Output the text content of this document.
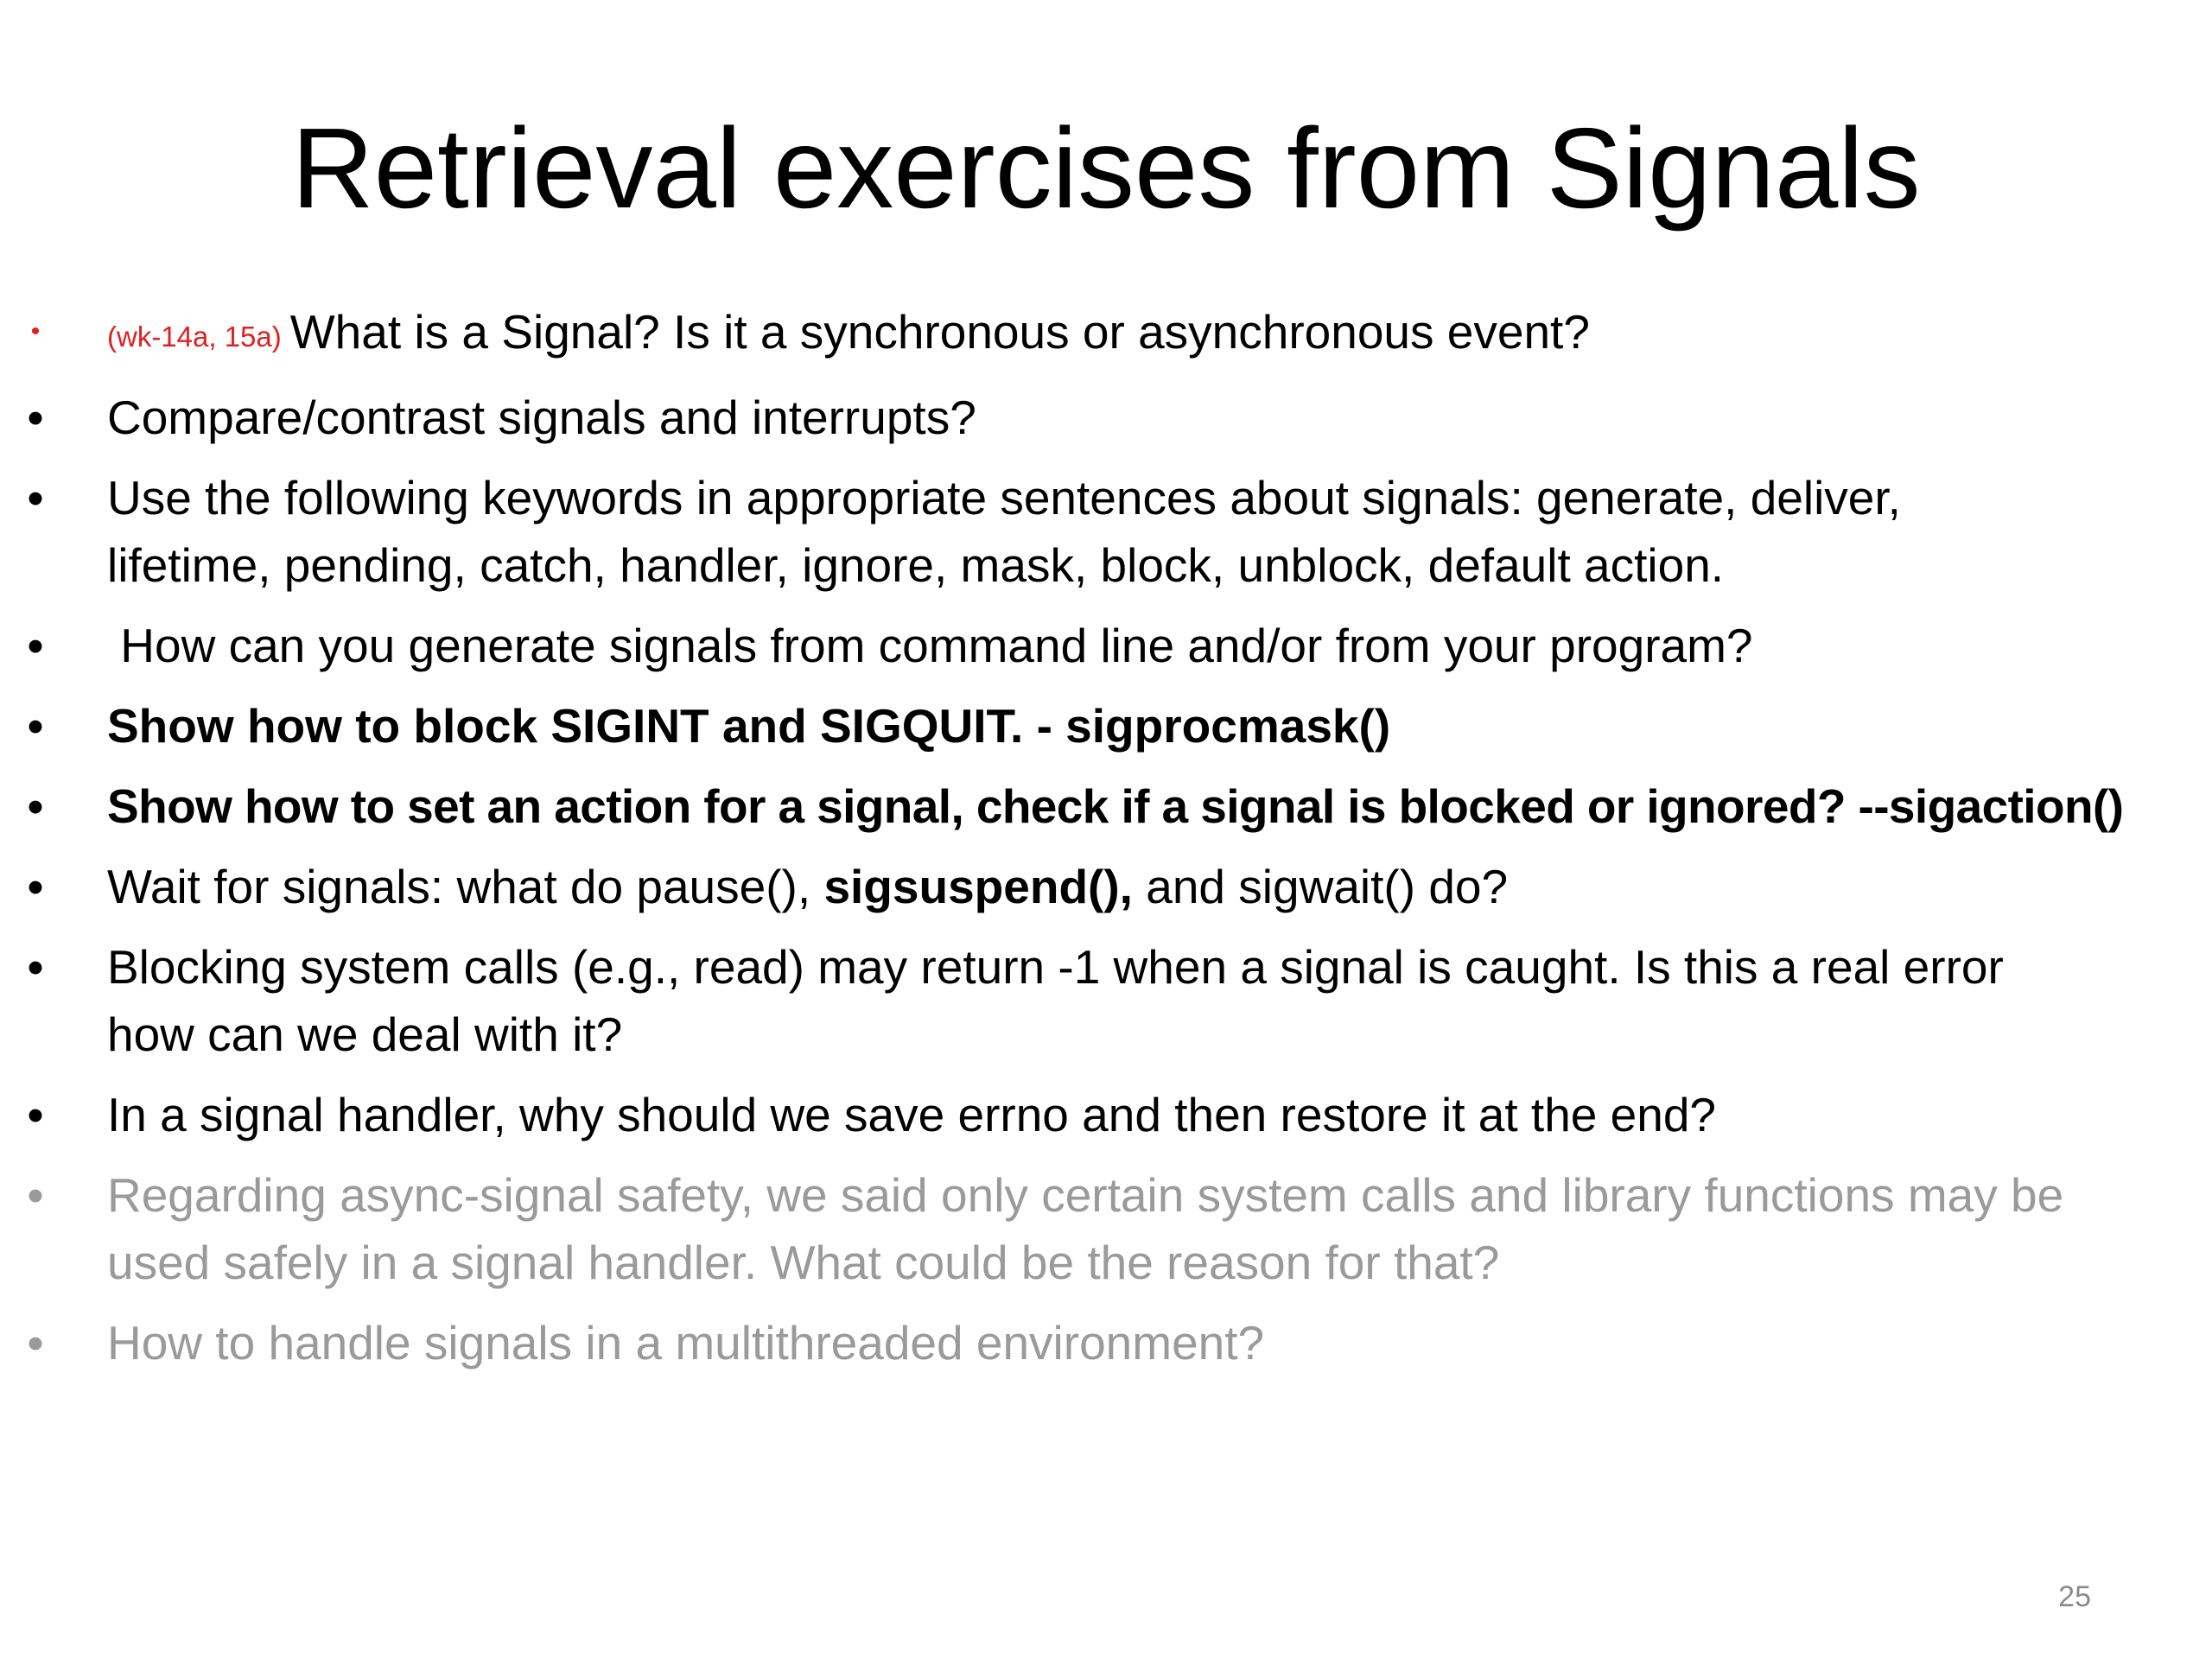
Retrieval exercises from Signals
• (wk-14a, 15a) What is a Signal? Is it a synchronous or asynchronous event?
• Compare/contrast signals and interrupts?
• Use the following keywords in appropriate sentences about signals: generate, deliver,
lifetime, pending, catch, handler, ignore, mask, block, unblock, default action.
• How can you generate signals from command line and/or from your program?
• Show how to block SIGINT and SIGQUIT. - sigprocmask()
• Show how to set an action for a signal, check if a signal is blocked or ignored? --sigaction()
• Wait for signals: what do pause(), sigsuspend(), and sigwait() do?
• Blocking system calls (e.g., read) may return -1 when a signal is caught. Is this a real error
how can we deal with it?
• In a signal handler, why should we save errno and then restore it at the end?
• Regarding async-signal safety, we said only certain system calls and library functions may be
used safely in a signal handler. What could be the reason for that?
• How to handle signals in a multithreaded environment?
25
